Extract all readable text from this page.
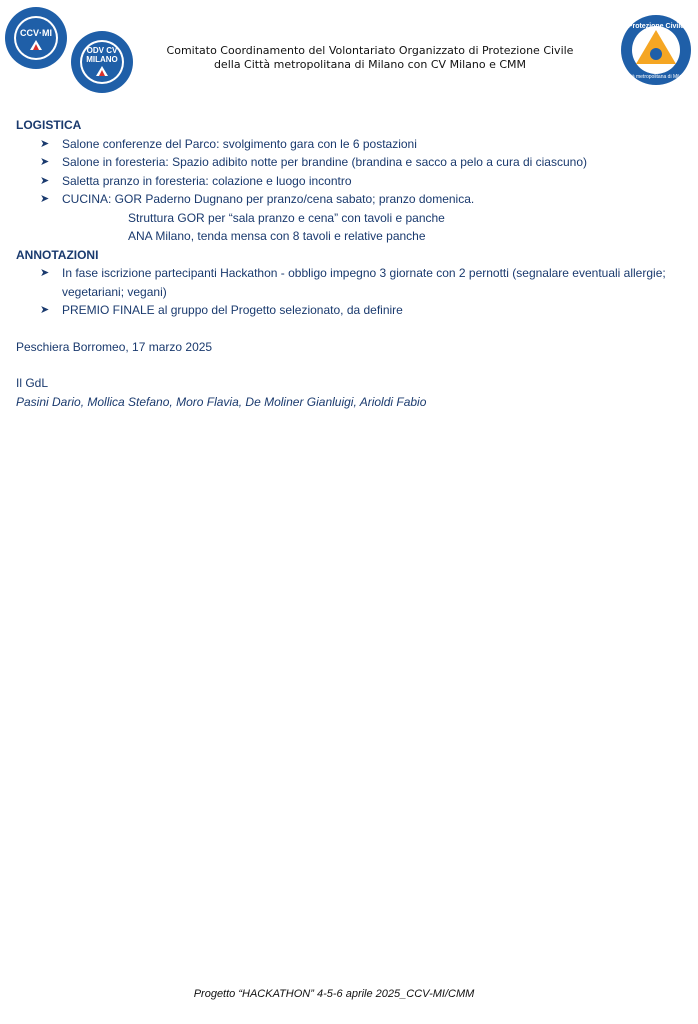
CCV·MI
ODV CV
MILANO
Protezione Civile
Città metropolitana di Milano
Comitato Coordinamento del Volontariato Organizzato di Protezione Civile
della Città metropolitana di Milano con CV Milano e CMM
LOGISTICA
➤ Salone conferenze del Parco: svolgimento gara con le 6 postazioni
➤ Salone in foresteria: Spazio adibito notte per brandine (brandina e sacco a pelo a cura di ciascuno)
➤ Saletta pranzo in foresteria: colazione e luogo incontro
➤ CUCINA: GOR Paderno Dugnano per pranzo/cena sabato; pranzo domenica.
Struttura GOR per “sala pranzo e cena” con tavoli e panche
ANA Milano, tenda mensa con 8 tavoli e relative panche
ANNOTAZIONI
➤ In fase iscrizione partecipanti Hackathon - obbligo impegno 3 giornate con 2 pernotti (segnalare eventuali allergie; vegetariani; vegani)
➤ PREMIO FINALE al gruppo del Progetto selezionato, da definire
Peschiera Borromeo, 17 marzo 2025
Il GdL
Pasini Dario, Mollica Stefano, Moro Flavia, De Moliner Gianluigi, Arioldi Fabio
Progetto “HACKATHON” 4-5-6 aprile 2025_CCV-MI/CMM
